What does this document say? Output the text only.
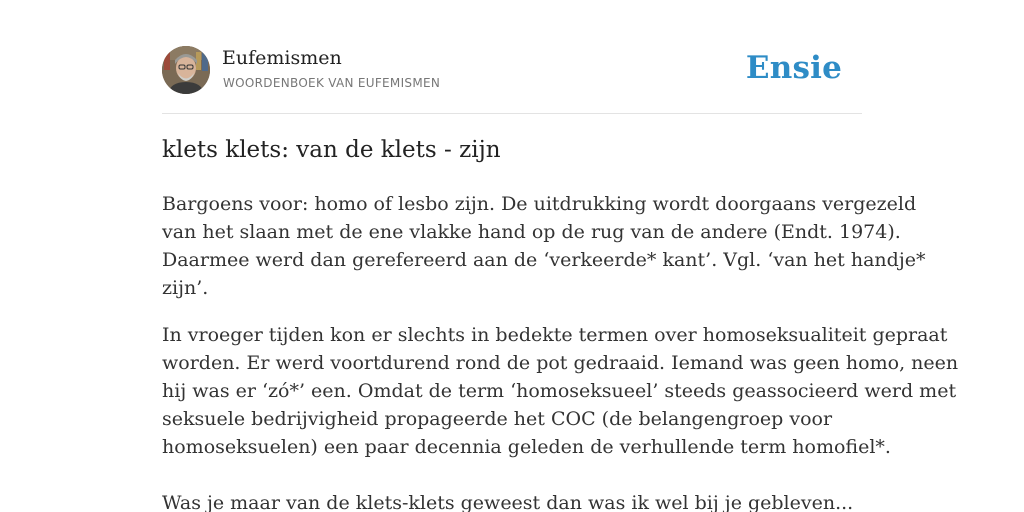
Eufemismen
WOORDENBOEK VAN EUFEMISMEN	Ensie
klets klets: van de klets - zijn
Bargoens voor: homo of lesbo zijn. De uitdrukking wordt doorgaans vergezeld
van het slaan met de ene vlakke hand op de rug van de andere (Endt. 1974).
Daarmee werd dan gerefereerd aan de ‘verkeerde* kant’. Vgl. ‘van het handje*
zijn’.
In vroeger tijden kon er slechts in bedekte termen over homoseksualiteit gepraat
worden. Er werd voortdurend rond de pot gedraaid. Iemand was geen homo, neen
hij was er ‘zó*’ een. Omdat de term ‘homoseksueel’ steeds geassocieerd werd met
seksuele bedrijvigheid propageerde het COC (de belangengroep voor
homoseksuelen) een paar decennia geleden de verhullende term homofiel*.
Was je maar van de klets-klets geweest dan was ik wel bij je gebleven...
